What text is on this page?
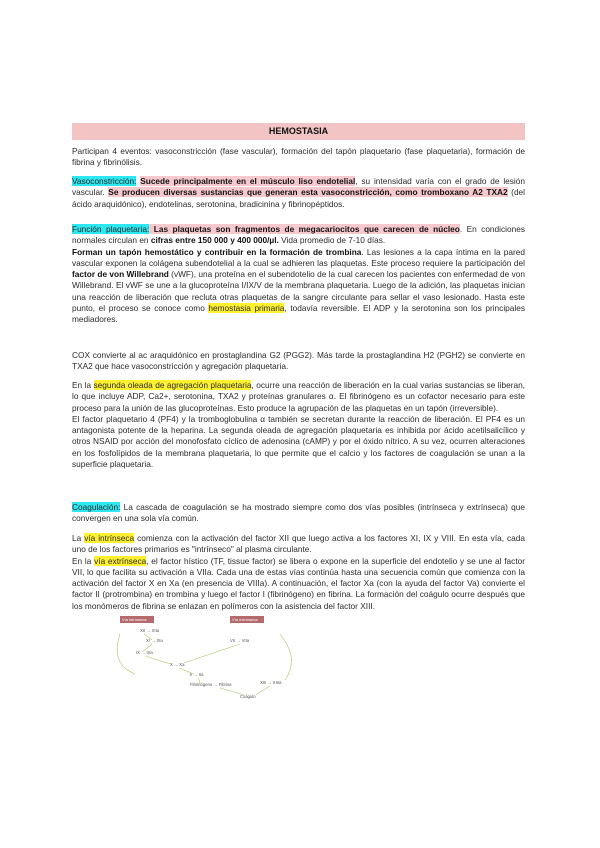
HEMOSTASIA

Participan 4 eventos: vasoconstricción (fase vascular), formación del tapón plaquetario (fase plaquetaria), formación de fibrina y fibrinólisis.

Vasoconstricción: Sucede principalmente en el músculo liso endotelial, su intensidad varía con el grado de lesión vascular. Se producen diversas sustancias que generan esta vasoconstricción, como tromboxano A2 TXA2 (del ácido araquidónico), endotelinas, serotonina, bradicinina y fibrinopéptidos.

Función plaquetaria: Las plaquetas son fragmentos de megacariocitos que carecen de núcleo. En condiciones normales circulan en cifras entre 150 000 y 400 000/µl. Vida promedio de 7-10 días.
Forman un tapón hemostático y contribuir en la formación de trombina. Las lesiones a la capa íntima en la pared vascular exponen la colágena subendotelial a la cual se adhieren las plaquetas. Este proceso requiere la participación del factor de von Willebrand (vWF), una proteína en el subendotelio de la cual carecen los pacientes con enfermedad de von Willebrand. El vWF se une a la glucoproteína I/IX/V de la membrana plaquetaria. Luego de la adición, las plaquetas inician una reacción de liberación que recluta otras plaquetas de la sangre circulante para sellar el vaso lesionado. Hasta este punto, el proceso se conoce como hemostasia primaria, todavía reversible. El ADP y la serotonina son los principales mediadores.

COX convierte al ac araquidónico en prostaglandina G2 (PGG2). Más tarde la prostaglandina H2 (PGH2) se convierte en TXA2 que hace vasoconstricción y agregación plaquetaria.

En la segunda oleada de agregación plaquetaria, ocurre una reacción de liberación en la cual varias sustancias se liberan, lo que incluye ADP, Ca2+, serotonina, TXA2 y proteínas granulares α. El fibrinógeno es un cofactor necesario para este proceso para la unión de las glucoproteínas. Esto produce la agrupación de las plaquetas en un tapón (irreversible).
El factor plaquetario 4 (PF4) y la tromboglobulina α también se secretan durante la reacción de liberación. El PF4 es un antagonista potente de la heparina. La segunda oleada de agregación plaquetaria es inhibida por ácido acetilsalicílico y otros NSAID por acción del monofosfato cíclico de adenosina (cAMP) y por el óxido nítrico. A su vez, ocurren alteraciones en los fosfolípidos de la membrana plaquetaria, lo que permite que el calcio y los factores de coagulación se unan a la superficie plaquetaria.

Coagulación: La cascada de coagulación se ha mostrado siempre como dos vías posibles (intrínseca y extrínseca) que convergen en una sola vía común.

La vía intrínseca comienza con la activación del factor XII que luego activa a los factores XI, IX y VIII. En esta vía, cada uno de los factores primarios es "intrínseco" al plasma circulante.
En la vía extrínseca, el factor hístico (TF, tissue factor) se libera o expone en la superficie del endotelio y se une al factor VII, lo que facilita su activación a VIIa. Cada una de estas vías continúa hasta una secuencia común que comienza con la activación del factor X en Xa (en presencia de VIIIa). A continuación, el factor Xa (con la ayuda del factor Va) convierte el factor II (protrombina) en trombina y luego el factor I (fibrinógeno) en fibrina. La formación del coágulo ocurre después que los monómeros de fibrina se enlazan en polímeros con la asistencia del factor XIII.

Vía intrínseca	Vía extrínseca
XII → XIIa
XI → XIa
IX → IXa
VII → VIIa
X → Xa
II → IIa
Fibrinógeno → Fibrina	XIII → XIIIa
Coágulo
